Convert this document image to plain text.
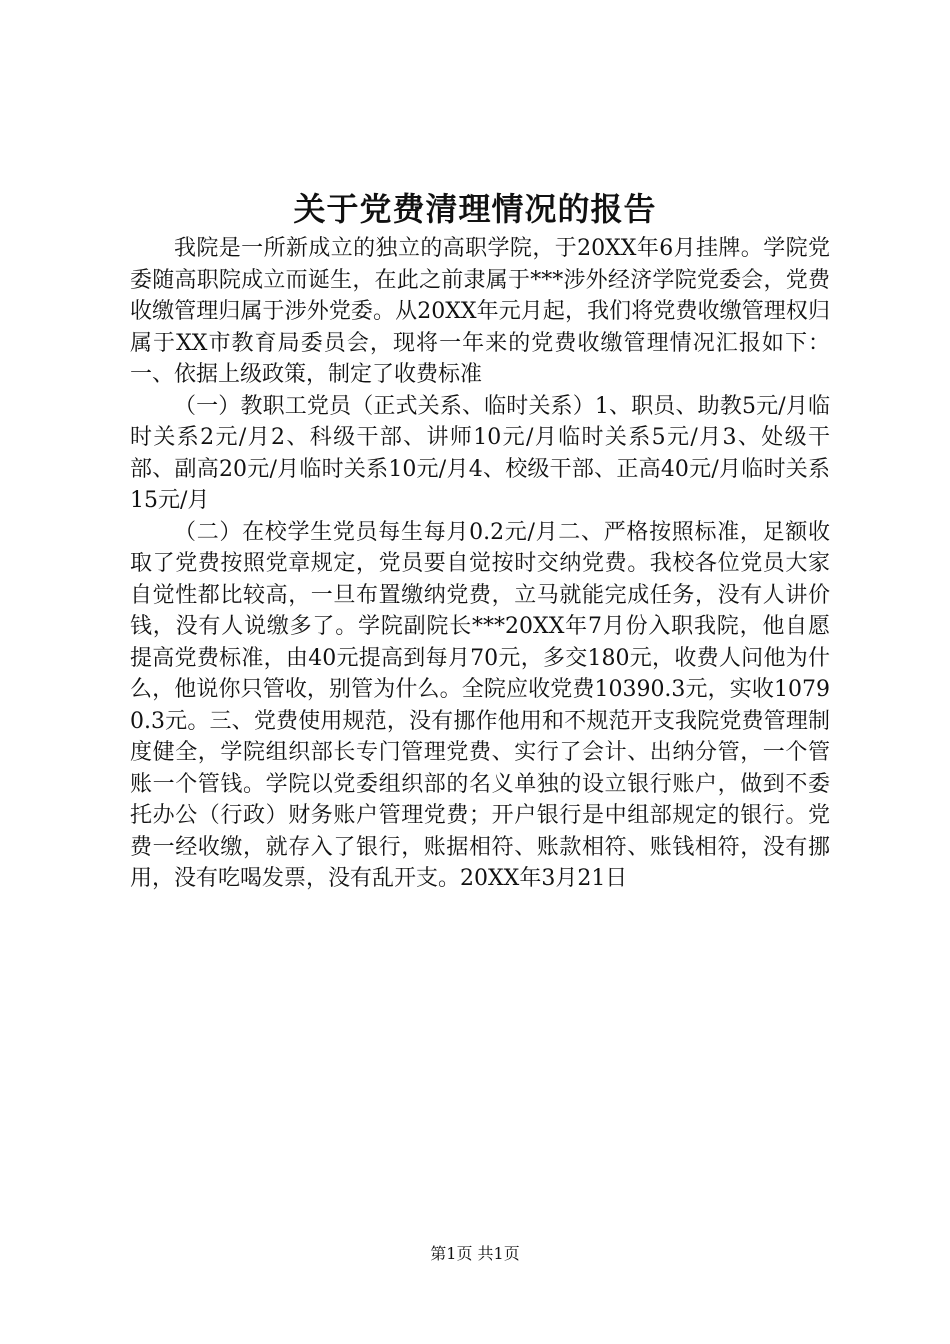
关于党费清理情况的报告

我院是一所新成立的独立的高职学院，于20XX年6月挂牌。学院党委随高职院成立而诞生，在此之前隶属于***涉外经济学院党委会，党费收缴管理归属于涉外党委。从20XX年元月起，我们将党费收缴管理权归属于XX市教育局委员会，现将一年来的党费收缴管理情况汇报如下：一、依据上级政策，制定了收费标准

（一）教职工党员（正式关系、临时关系）1、职员、助教5元/月临时关系2元/月2、科级干部、讲师10元/月临时关系5元/月3、处级干部、副高20元/月临时关系10元/月4、校级干部、正高40元/月临时关系15元/月

（二）在校学生党员每生每月0.2元/月二、严格按照标准，足额收取了党费按照党章规定，党员要自觉按时交纳党费。我校各位党员大家自觉性都比较高，一旦布置缴纳党费，立马就能完成任务，没有人讲价钱，没有人说缴多了。学院副院长***20XX年7月份入职我院，他自愿提高党费标准，由40元提高到每月70元，多交180元，收费人问他为什么，他说你只管收，别管为什么。全院应收党费10390.3元，实收10790.3元。三、党费使用规范，没有挪作他用和不规范开支我院党费管理制度健全，学院组织部长专门管理党费、实行了会计、出纳分管，一个管账一个管钱。学院以党委组织部的名义单独的设立银行账户，做到不委托办公（行政）财务账户管理党费；开户银行是中组部规定的银行。党费一经收缴，就存入了银行，账据相符、账款相符、账钱相符，没有挪用，没有吃喝发票，没有乱开支。20XX年3月21日

第1页 共1页
